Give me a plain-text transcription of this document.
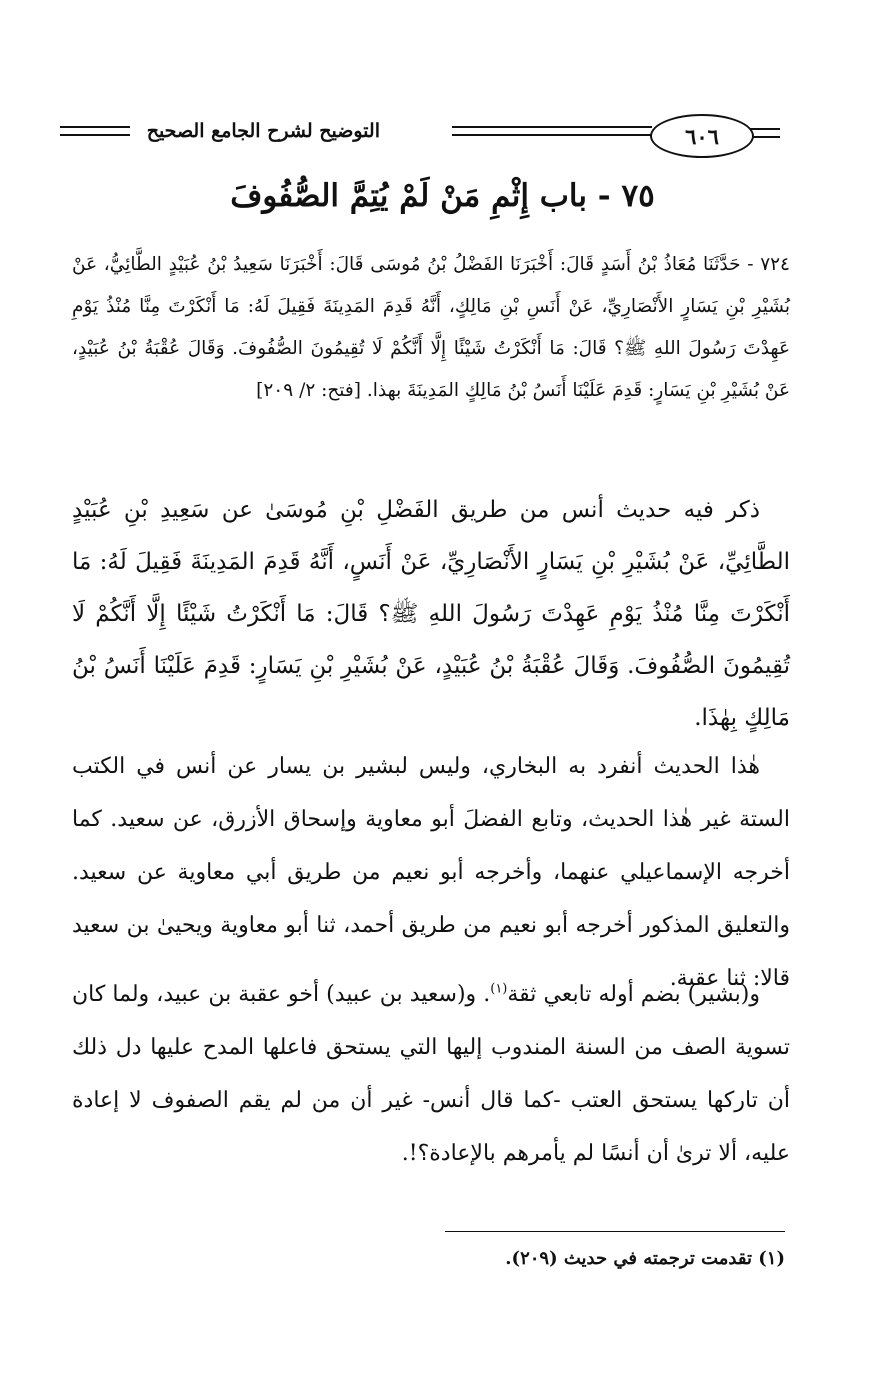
٦٠٦
التوضيح لشرح الجامع الصحيح
٧٥ - باب إِثْمِ مَنْ لَمْ يُتِمَّ الصُّفُوفَ

٧٢٤ - حَدَّثَنَا مُعَاذُ بْنُ أَسَدٍ قَالَ: أَخْبَرَنَا الفَضْلُ بْنُ مُوسَى قَالَ: أَخْبَرَنَا سَعِيدُ بْنُ عُبَيْدٍ الطَّائِيُّ، عَنْ بُشَيْرِ بْنِ يَسَارٍ الأَنْصَارِيِّ، عَنْ أَنَسِ بْنِ مَالِكٍ، أَنَّهُ قَدِمَ المَدِينَةَ فَقِيلَ لَهُ: مَا أَنْكَرْتَ مِنَّا مُنْذُ يَوْمِ عَهِدْتَ رَسُولَ اللهِ ﷺ؟ قَالَ: مَا أَنْكَرْتُ شَيْئًا إِلَّا أَنَّكُمْ لَا تُقِيمُونَ الصُّفُوفَ. وَقَالَ عُقْبَةُ بْنُ عُبَيْدٍ، عَنْ بُشَيْرِ بْنِ يَسَارٍ: قَدِمَ عَلَيْنَا أَنَسُ بْنُ مَالِكٍ المَدِينَةَ بهذا. [فتح: ٢/ ٢٠٩]

ذكر فيه حديث أنس من طريق الفَضْلِ بْنِ مُوسَىٰ عن سَعِيدِ بْنِ عُبَيْدٍ الطَّائِيِّ، عَنْ بُشَيْرِ بْنِ يَسَارٍ الأَنْصَارِيِّ، عَنْ أَنَسٍ، أَنَّهُ قَدِمَ المَدِينَةَ فَقِيلَ لَهُ: مَا أَنْكَرْتَ مِنَّا مُنْذُ يَوْمِ عَهِدْتَ رَسُولَ اللهِ ﷺ؟ قَالَ: مَا أَنْكَرْتُ شَيْئًا إِلَّا أَنَّكُمْ لَا تُقِيمُونَ الصُّفُوفَ. وَقَالَ عُقْبَةُ بْنُ عُبَيْدٍ، عَنْ بُشَيْرِ بْنِ يَسَارٍ: قَدِمَ عَلَيْنَا أَنَسُ بْنُ مَالِكٍ بِهٰذَا.

هٰذا الحديث أنفرد به البخاري، وليس لبشير بن يسار عن أنس في الكتب الستة غير هٰذا الحديث، وتابع الفضلَ أبو معاوية وإسحاق الأزرق، عن سعيد. كما أخرجه الإسماعيلي عنهما، وأخرجه أبو نعيم من طريق أبي معاوية عن سعيد. والتعليق المذكور أخرجه أبو نعيم من طريق أحمد، ثنا أبو معاوية ويحيىٰ بن سعيد قالا: ثنا عقبة.

و(بشير) بضم أوله تابعي ثقة$^{(١)}$. و(سعيد بن عبيد) أخو عقبة بن عبيد، ولما كان تسوية الصف من السنة المندوب إليها التي يستحق فاعلها المدح عليها دل ذلك أن تاركها يستحق العتب -كما قال أنس- غير أن من لم يقم الصفوف لا إعادة عليه، ألا ترىٰ أن أنسًا لم يأمرهم بالإعادة؟!.

(١) تقدمت ترجمته في حديث (٢٠٩).
